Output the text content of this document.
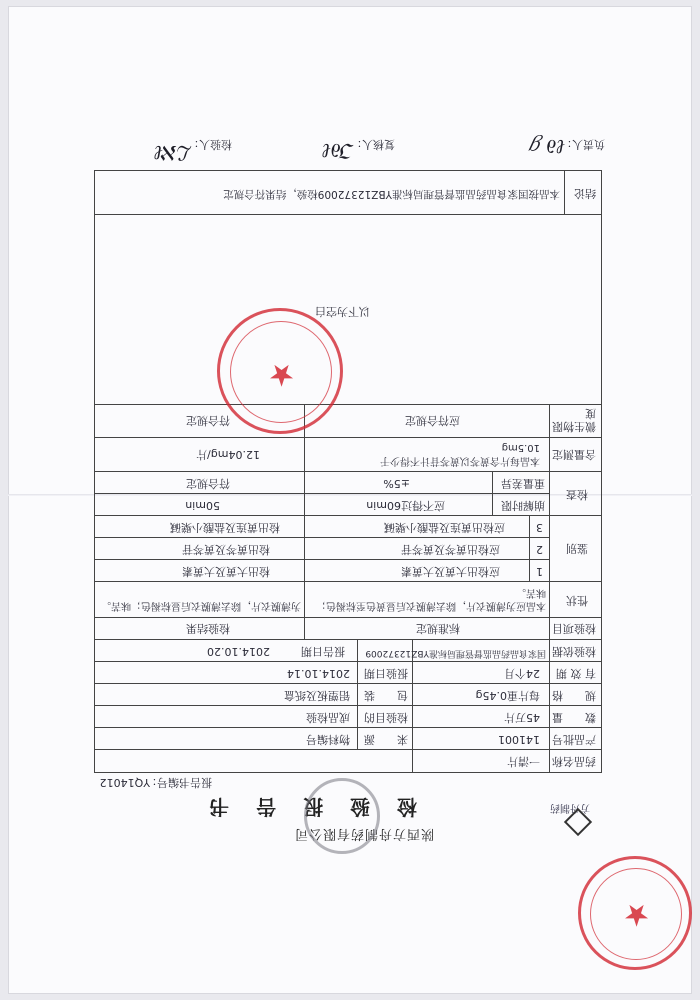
陕西方舟制药有限公司
检 验 报 告 书	方舟制药
报告书编号：
YQ14012
药品名称
一清片
产品批号
141001
来　　源
物料编号
数　　量
45万片
检验目的
成品检验
规　　格
每片重0.45g
包　　装
铝塑板及纸盒
有 效 期
24个月
报验日期
2014.10.14
检验依据
国家食品药品监督管理局标准YBZ12372009
报告日期
2014.10.20
检验项目
标准规定
检验结果
性状
本品应为薄膜衣片，除去薄膜衣后显黄色至棕褐色；味苦。
为薄膜衣片，除去薄膜衣后显棕褐色；味苦。
鉴别
1
应检出大黄及大黄素
检出大黄及大黄素
2
应检出黄芩及黄芩苷
检出黄芩及黄芩苷
3
应检出黄连及盐酸小檗碱
检出黄连及盐酸小檗碱
检查
崩解时限
应不得过60min
50min
重量差异
±5%
符合规定
含量测定
本品每片含黄芩以黄芩苷计不得少于10.5mg
12.04mg/片
微生物限度
应符合规定
符合规定
以下为空白
结论
本品按国家食品药品监督管理局标准YBZ12372009检验，结果符合规定
负责人：
ℓ∂ℊ
复核人：
ℑ∂ℓ
检验人：
ℒℵℓ
★
★
